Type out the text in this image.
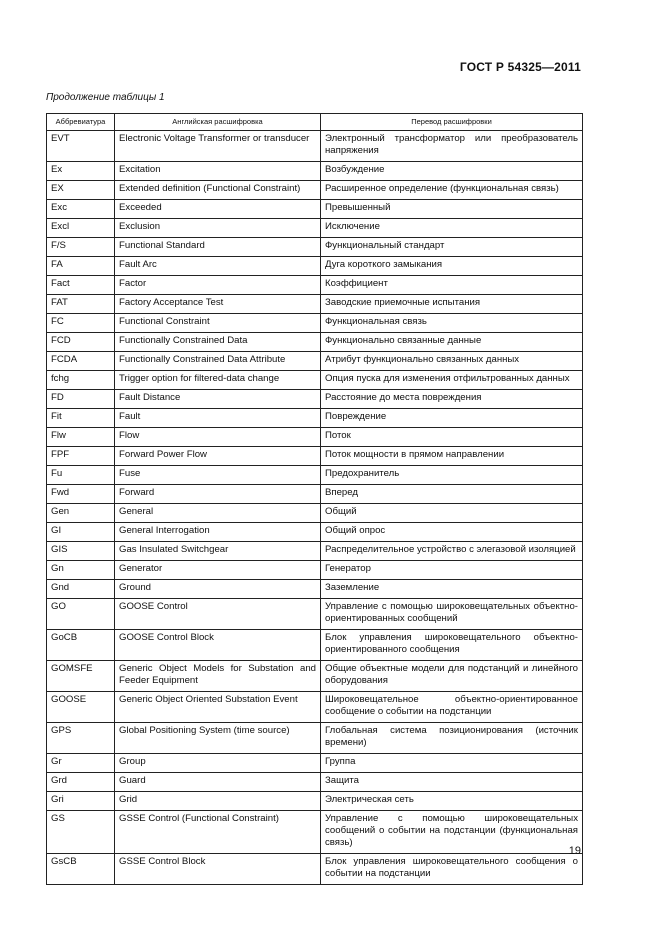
ГОСТ Р 54325—2011
Продолжение таблицы 1
Аббревиатура	Английская расшифровка	Перевод расшифровки
EVT	Electronic Voltage Transformer or transducer	Электронный трансформатор или преобразователь напряжения
Ex	Excitation	Возбуждение
EX	Extended definition (Functional Constraint)	Расширенное определение (функциональная связь)
Exc	Exceeded	Превышенный
Excl	Exclusion	Исключение
F/S	Functional Standard	Функциональный стандарт
FA	Fault Arc	Дуга короткого замыкания
Fact	Factor	Коэффициент
FAT	Factory Acceptance Test	Заводские приемочные испытания
FC	Functional Constraint	Функциональная связь
FCD	Functionally Constrained Data	Функционально связанные данные
FCDA	Functionally Constrained Data Attribute	Атрибут функционально связанных данных
fchg	Trigger option for filtered-data change	Опция пуска для изменения отфильтрованных данных
FD	Fault Distance	Расстояние до места повреждения
Fit	Fault	Повреждение
Flw	Flow	Поток
FPF	Forward Power Flow	Поток мощности в прямом направлении
Fu	Fuse	Предохранитель
Fwd	Forward	Вперед
Gen	General	Общий
GI	General Interrogation	Общий опрос
GIS	Gas Insulated Switchgear	Распределительное устройство с элегазовой изоляцией
Gn	Generator	Генератор
Gnd	Ground	Заземление
GO	GOOSE Control	Управление с помощью широковещательных объектно-ориентированных сообщений
GoCB	GOOSE Control Block	Блок управления широковещательного объектно-ориентированного сообщения
GOMSFE	Generic Object Models for Substation and Feeder Equipment	Общие объектные модели для подстанций и линейного оборудования
GOOSE	Generic Object Oriented Substation Event	Широковещательное объектно-ориентированное сообщение о событии на подстанции
GPS	Global Positioning System (time source)	Глобальная система позиционирования (источник времени)
Gr	Group	Группа
Grd	Guard	Защита
Gri	Grid	Электрическая сеть
GS	GSSE Control (Functional Constraint)	Управление с помощью широковещательных сообщений о событии на подстанции (функциональная связь)
GsCB	GSSE Control Block	Блок управления широковещательного сообщения о событии на подстанции
19
